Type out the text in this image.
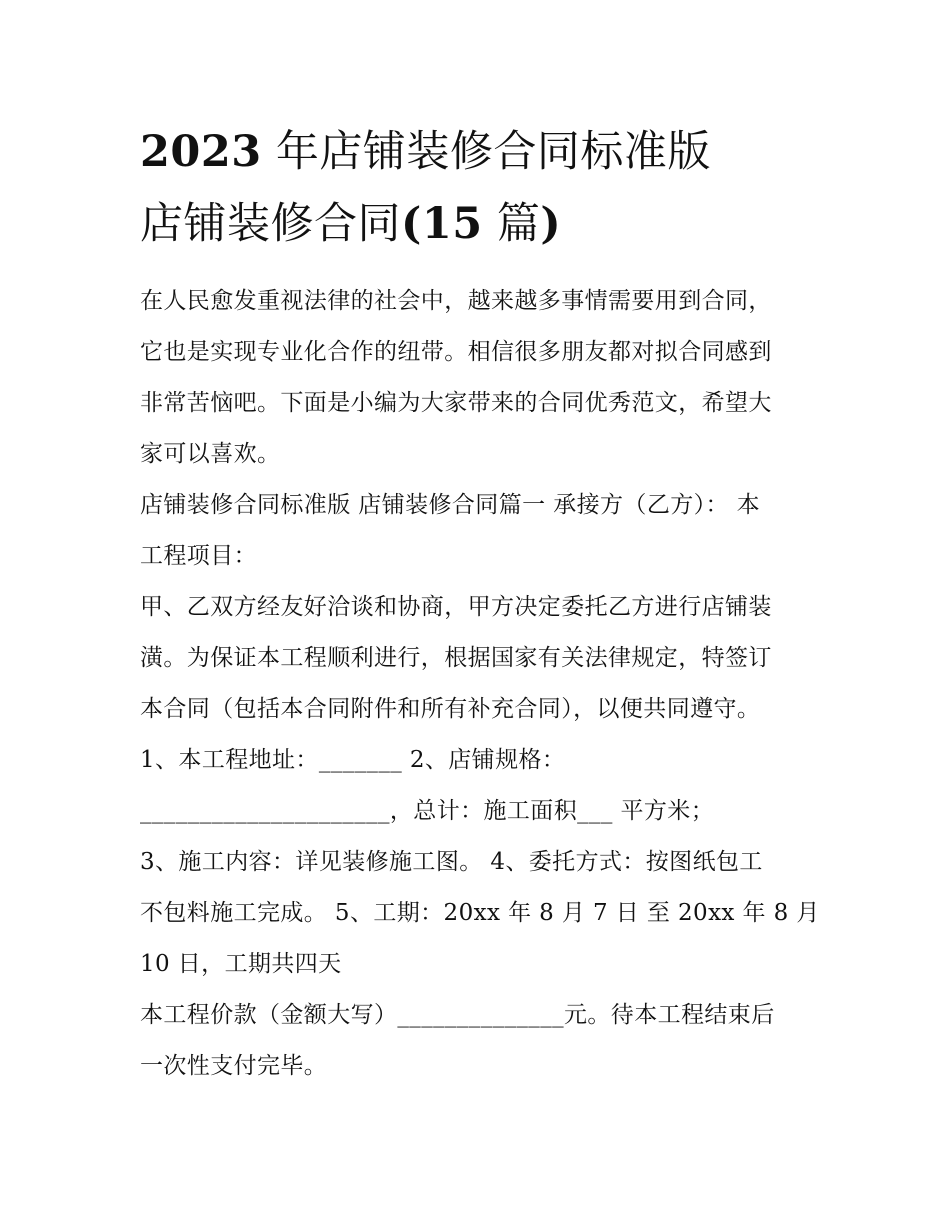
2023 年店铺装修合同标准版
店铺装修合同(15 篇)
在人民愈发重视法律的社会中，越来越多事情需要用到合同，
它也是实现专业化合作的纽带。相信很多朋友都对拟合同感到
非常苦恼吧。下面是小编为大家带来的合同优秀范文，希望大
家可以喜欢。
店铺装修合同标准版 店铺装修合同篇一 承接方（乙方）： 本
工程项目：
甲、乙双方经友好洽谈和协商，甲方决定委托乙方进行店铺装
潢。为保证本工程顺利进行，根据国家有关法律规定，特签订
本合同（包括本合同附件和所有补充合同），以便共同遵守。
1、本工程地址：_______ 2、店铺规格：
_____________________，总计：施工面积___ 平方米；
3、施工内容：详见装修施工图。 4、委托方式：按图纸包工
不包料施工完成。 5、工期：20xx 年 8 月 7 日 至 20xx 年 8 月
10 日，工期共四天
本工程价款（金额大写）______________元。待本工程结束后
一次性支付完毕。
